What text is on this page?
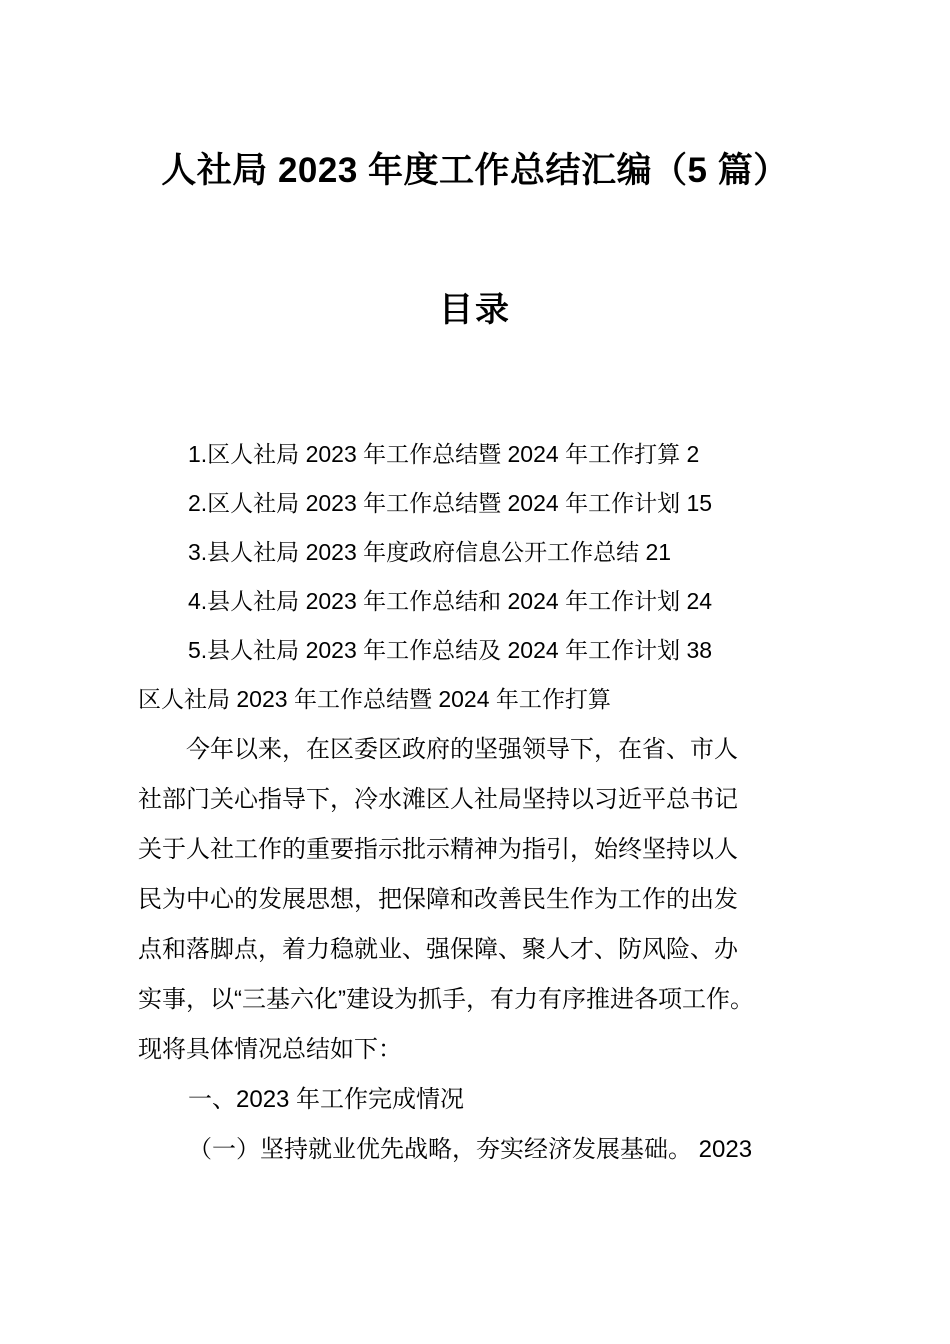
人社局 2023 年度工作总结汇编（5 篇）
目录
1.区人社局 2023 年工作总结暨 2024 年工作打算 2
2.区人社局 2023 年工作总结暨 2024 年工作计划 15
3.县人社局 2023 年度政府信息公开工作总结 21
4.县人社局 2023 年工作总结和 2024 年工作计划 24
5.县人社局 2023 年工作总结及 2024 年工作计划 38
区人社局 2023 年工作总结暨 2024 年工作打算
　　今年以来，在区委区政府的坚强领导下，在省、市人
社部门关心指导下，冷水滩区人社局坚持以习近平总书记
关于人社工作的重要指示批示精神为指引，始终坚持以人
民为中心的发展思想，把保障和改善民生作为工作的出发
点和落脚点，着力稳就业、强保障、聚人才、防风险、办
实事，以“三基六化”建设为抓手，有力有序推进各项工作。
现将具体情况总结如下：
一、2023 年工作完成情况
（一）坚持就业优先战略，夯实经济发展基础。 2023
